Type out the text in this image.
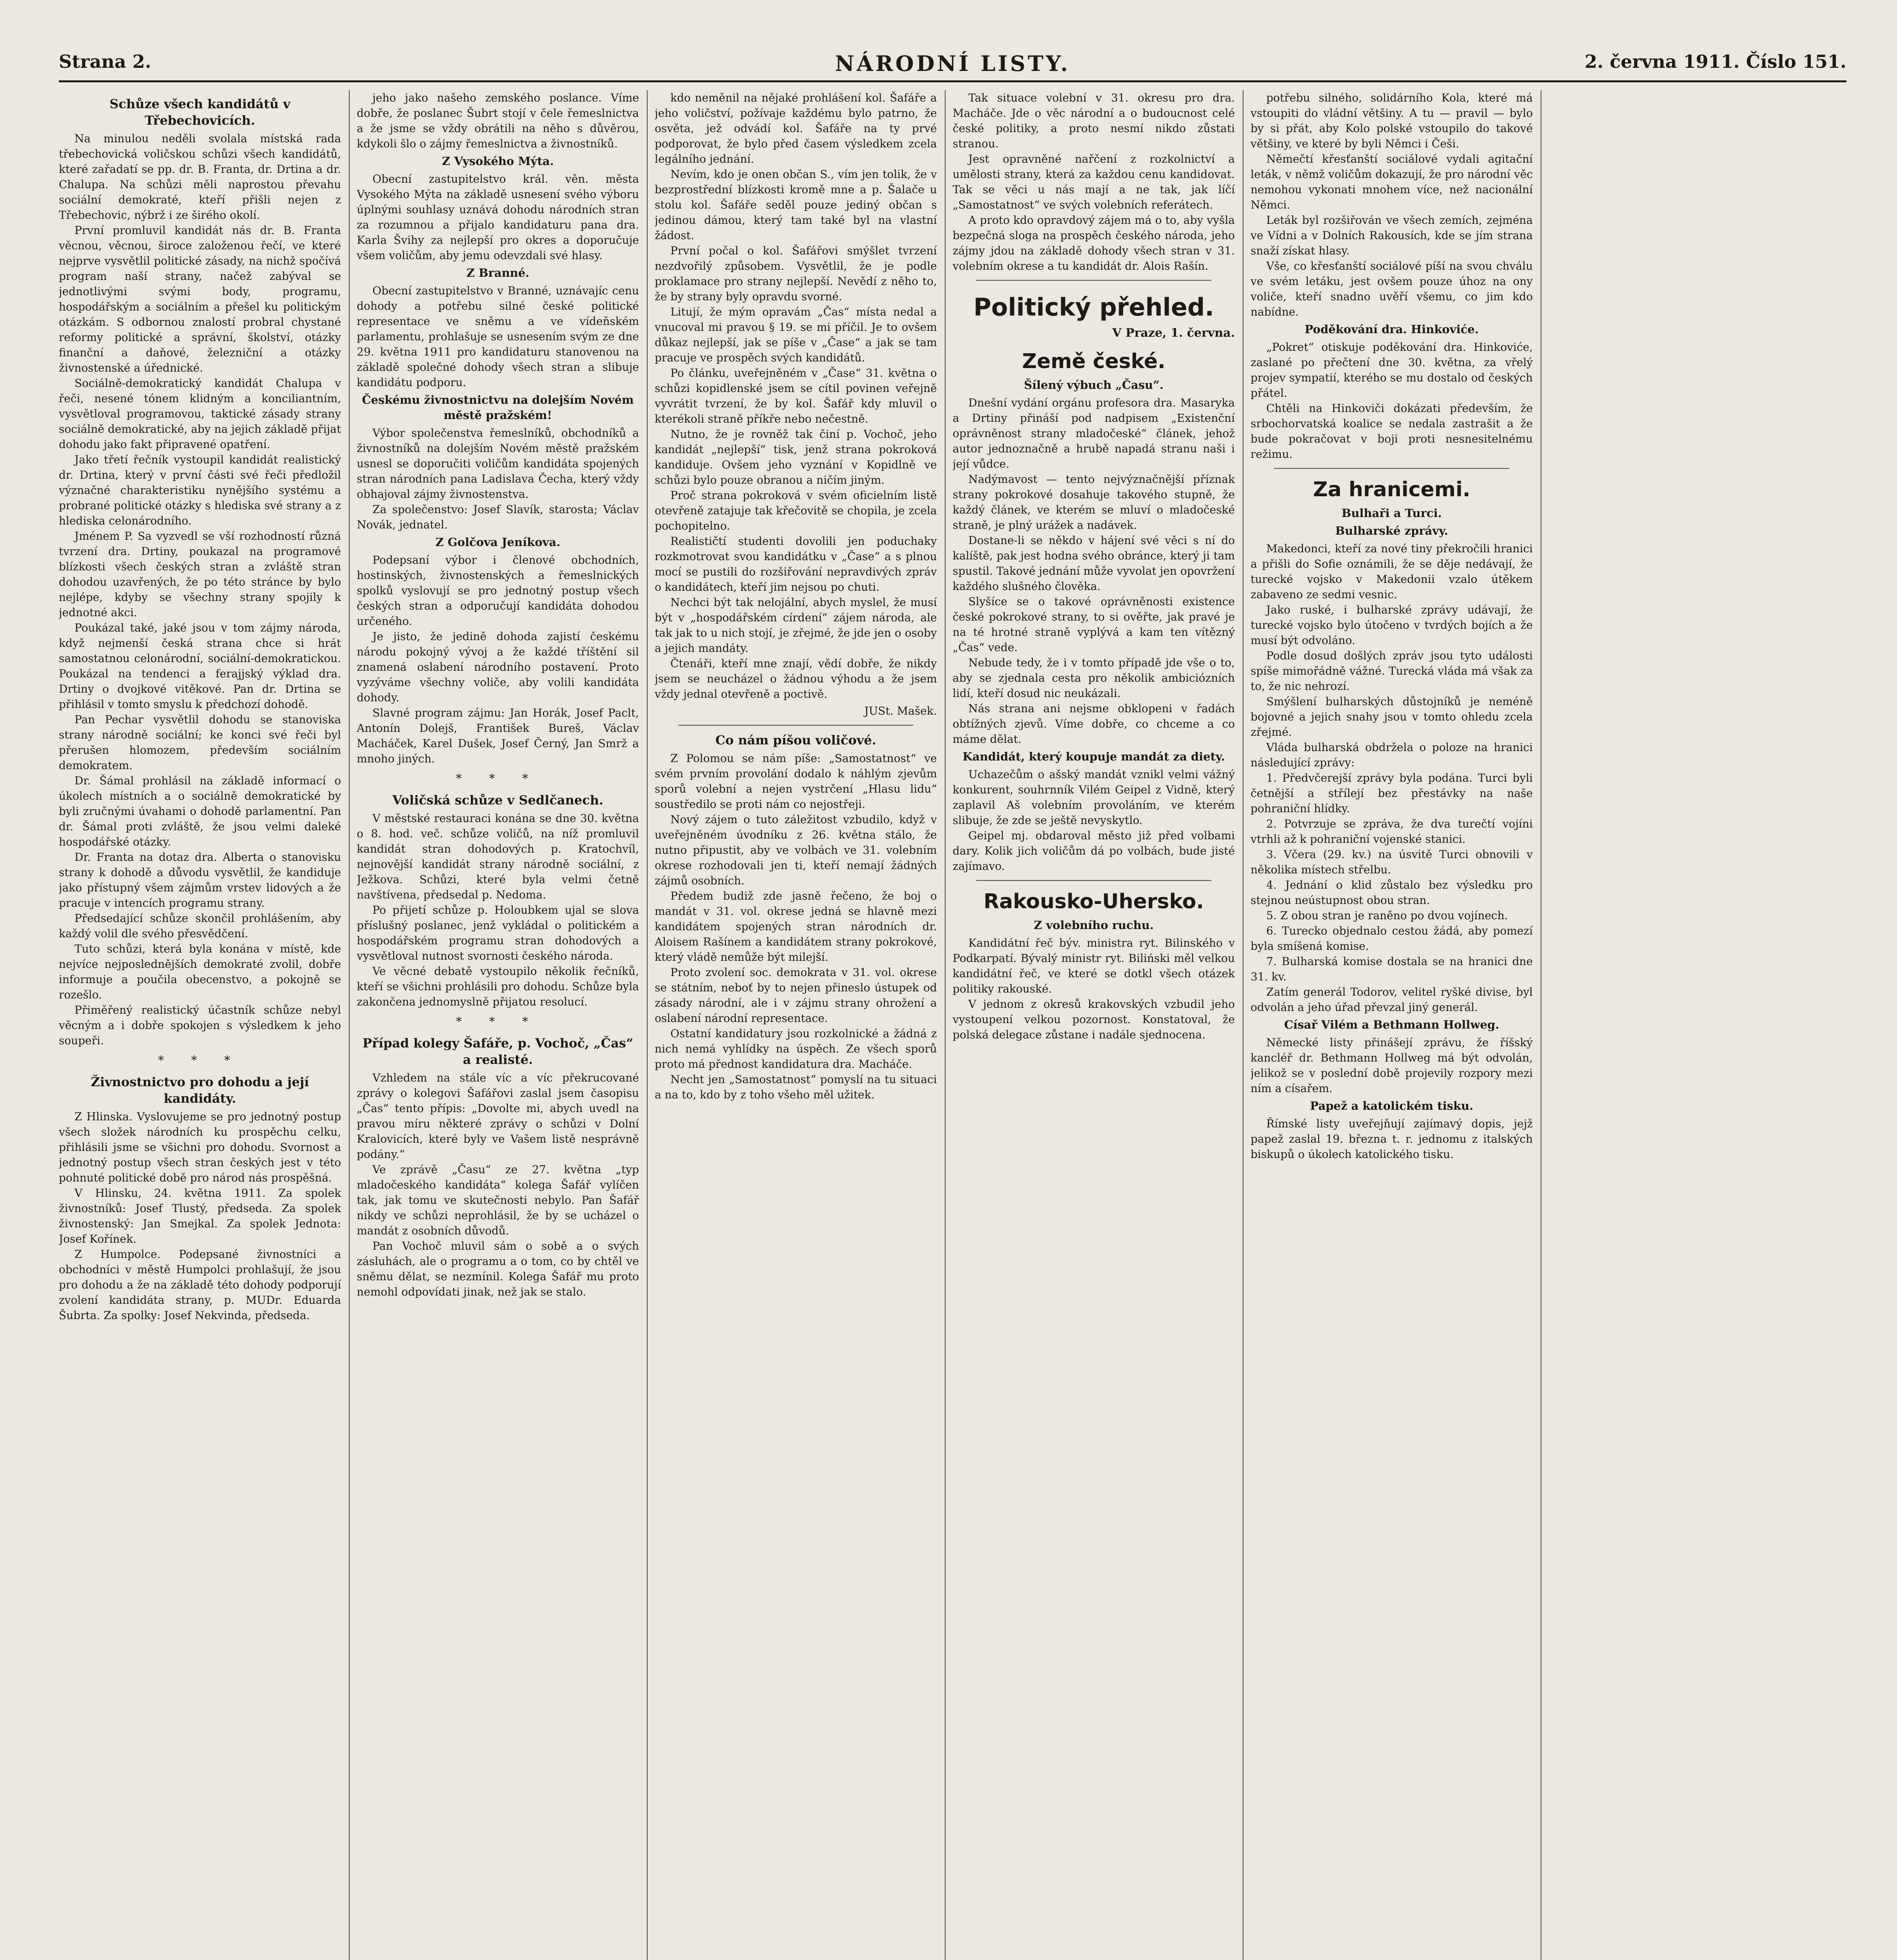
Strana 2.	NÁRODNÍ LISTY.	2. června 1911. Číslo 151.
Schůze všech kandidátů v Třebechovicích.

Na minulou neděli svolala místská rada třebechovická voličskou schůzi všech kandidátů, které zařadatí se pp. dr. B. Franta, dr. Drtina a dr. Chalupa. Na schůzi měli naprostou převahu sociální demokraté, kteří přišli nejen z Třebechovic, nýbrž i ze širého okolí.

První promluvil kandidát nás dr. B. Franta věcnou, věcnou, široce založenou řečí, ve které nejprve vysvětlil politické zásady, na nichž spočívá program naší strany, načež zabýval se jednotlivými svými body, programu, hospodářským a sociálním a přešel ku politickým otázkám. S odbornou znalostí probral chystané reformy politické a správní, školství, otázky finanční a daňové, železniční a otázky živnostenské a úřednické.

Sociálně-demokratický kandidát Chalupa v řeči, nesené tónem klidným a konciliantním, vysvětloval programovou, taktické zásady strany sociálně demokratické, aby na jejich základě přijat dohodu jako fakt připravené opatření.

Jako třetí řečník vystoupil kandidát realistický dr. Drtina, který v první části své řeči předložil význačné charakteristiku nynějšího systému a probrané politické otázky s hlediska své strany a z hlediska celonárodního.

Jménem P. Sa vyzvedl se vší rozhodností různá tvrzení dra. Drtiny, poukazal na programové blízkosti všech českých stran a zvláště stran dohodou uzavřených, že po této stránce by bylo nejlépe, kdyby se všechny strany spojily k jednotné akci.

Poukázal také, jaké jsou v tom zájmy národa, když nejmenší česká strana chce si hrát samostatnou celonárodní, sociální-demokratickou. Poukázal na tendenci a ferajjský výklad dra. Drtiny o dvojkové vitěkové. Pan dr. Drtina se přihlásil v tomto smyslu k předchozí dohodě.

Pan Pechar vysvětlil dohodu se stanoviska strany národně sociální; ke konci své řeči byl přerušen hlomozem, především sociálním demokratem.

Dr. Šámal prohlásil na základě informací o úkolech místních a o sociálně demokratické by byli zručnými úvahami o dohodě parlamentní. Pan dr. Šámal proti zvláště, že jsou velmi daleké hospodářské otázky.

Dr. Franta na dotaz dra. Alberta o stanovisku strany k dohodě a důvodu vysvětlil, že kandiduje jako přístupný všem zájmům vrstev lidových a že pracuje v intencích programu strany.

Předsedající schůze skončil prohlášením, aby každý volil dle svého přesvědčení.

Tuto schůzi, která byla konána v místě, kde nejvíce nejposlednějších demokraté zvolil, dobře informuje a poučila obecenstvo, a pokojně se rozešlo.

Přiměřený realistický účastník schůze nebyl věcným a i dobře spokojen s výsledkem k jeho soupeři.

* * *
Živnostnictvo pro dohodu a její kandidáty.

Z Hlinska. Vyslovujeme se pro jednotný postup všech složek národních ku prospěchu celku, přihlásili jsme se všichni pro dohodu. Svornost a jednotný postup všech stran českých jest v této pohnuté politické době pro národ nás prospěšná.

V Hlinsku, 24. května 1911. Za spolek živnostníků: Josef Tlustý, předseda. Za spolek živnostenský: Jan Smejkal. Za spolek Jednota: Josef Kořínek.

Z Humpolce. Podepsané živnostníci a obchodníci v městě Humpolci prohlašují, že jsou pro dohodu a že na základě této dohody podporují zvolení kandidáta strany, p. MUDr. Eduarda Šubrta. Za spolky: Josef Nekvinda, předseda.

jeho jako našeho zemského poslance. Víme dobře, že poslanec Šubrt stojí v čele řemeslnictva a že jsme se vždy obrátili na něho s důvěrou, kdykoli šlo o zájmy řemeslnictva a živnostníků.

Z Vysokého Mýta.

Obecní zastupitelstvo král. věn. města Vysokého Mýta na základě usnesení svého výboru úplnými souhlasy uznává dohodu národních stran za rozumnou a přijalo kandidaturu pana dra. Karla Švihy za nejlepší pro okres a doporučuje všem voličům, aby jemu odevzdali své hlasy.

Z Branné.

Obecní zastupitelstvo v Branné, uznávajíc cenu dohody a potřebu silné české politické representace ve sněmu a ve vídeňském parlamentu, prohlašuje se usnesením svým ze dne 29. května 1911 pro kandidaturu stanovenou na základě společné dohody všech stran a slibuje kandidátu podporu.

Českému živnostnictvu na dolejším Novém městě pražském!

Výbor společenstva řemeslníků, obchodníků a živnostníků na dolejším Novém městě pražském usnesl se doporučiti voličům kandidáta spojených stran národních pana Ladislava Čecha, který vždy obhajoval zájmy živnostenstva.

Za společenstvo: Josef Slavík, starosta; Václav Novák, jednatel.

Z Golčova Jeníkova.

Podepsaní výbor i členové obchodních, hostinských, živnostenských a řemeslnických spolků vyslovují se pro jednotný postup všech českých stran a odporučují kandidáta dohodou určeného.

Je jisto, že jedině dohoda zajistí českému národu pokojný vývoj a že každé tříštění sil znamená oslabení národního postavení. Proto vyzýváme všechny voliče, aby volili kandidáta dohody.

Slavné program zájmu: Jan Horák, Josef Paclt, Antonín Dolejš, František Bureš, Václav Macháček, Karel Dušek, Josef Černý, Jan Smrž a mnoho jiných.

* * *
Voličská schůze v Sedlčanech.

V městské restauraci konána se dne 30. května o 8. hod. več. schůze voličů, na níž promluvil kandidát stran dohodových p. Kratochvíl, nejnovější kandidát strany národně sociální, z Ježkova. Schůzi, které byla velmi četně navštívena, předsedal p. Nedoma.

Po přijetí schůze p. Holoubkem ujal se slova příslušný poslanec, jenž vykládal o politickém a hospodářském programu stran dohodových a vysvětloval nutnost svornosti českého národa.

Ve věcné debatě vystoupilo několik řečníků, kteří se všichni prohlásili pro dohodu. Schůze byla zakončena jednomyslně přijatou resolucí.

* * *
Případ kolegy Šafáře, p. Vochoč, „Čas“ a realisté.

Vzhledem na stále víc a víc překrucované zprávy o kolegovi Šafářovi zaslal jsem časopisu „Čas“ tento přípis: „Dovolte mi, abych uvedl na pravou míru některé zprávy o schůzi v Dolní Kralovicích, které byly ve Vašem listě nesprávně podány.“

Ve zprávě „Času“ ze 27. května „typ mladočeského kandidáta“ kolega Šafář vylíčen tak, jak tomu ve skutečnosti nebylo. Pan Šafář nikdy ve schůzi neprohlásil, že by se ucházel o mandát z osobních důvodů.

Pan Vochoč mluvil sám o sobě a o svých zásluhách, ale o programu a o tom, co by chtěl ve sněmu dělat, se nezmínil. Kolega Šafář mu proto nemohl odpovídati jinak, než jak se stalo.

kdo neměnil na nějaké prohlášení kol. Šafáře a jeho voličství, požívaje každému bylo patrno, že osvěta, jež odvádí kol. Šafáře na ty prvé podporovat, že bylo před časem výsledkem zcela legálního jednání.

Nevím, kdo je onen občan S., vím jen tolik, že v bezprostřední blízkosti kromě mne a p. Šalače u stolu kol. Šafáře seděl pouze jediný občan s jedinou dámou, který tam také byl na vlastní žádost.

První počal o kol. Šafářovi smýšlet tvrzení nezdvořilý způsobem. Vysvětlil, že je podle proklamace pro strany nejlepší. Nevědí z něho to, že by strany byly opravdu svorné.

Litují, že mým opravám „Čas“ místa nedal a vnucoval mi pravou § 19. se mi příčil. Je to ovšem důkaz nejlepší, jak se píše v „Čase“ a jak se tam pracuje ve prospěch svých kandidátů.

Po článku, uveřejněném v „Čase“ 31. května o schůzi kopidlenské jsem se cítil povinen veřejně vyvrátit tvrzení, že by kol. Šafář kdy mluvil o kterékoli straně příkře nebo nečestně.

Nutno, že je rovněž tak činí p. Vochoč, jeho kandidát „nejlepší“ tisk, jenž strana pokroková kandiduje. Ovšem jeho vyznání v Kopidlně ve schůzi bylo pouze obranou a ničím jiným.

Proč strana pokroková v svém oficielním listě otevřeně zatajuje tak křečovitě se chopila, je zcela pochopitelno.

Realističtí studenti dovolili jen poduchaky rozkmotrovat svou kandidátku v „Čase“ a s plnou mocí se pustili do rozšiřování nepravdivých zpráv o kandidátech, kteří jim nejsou po chuti.

Nechci být tak nelojální, abych myslel, že musí být v „hospodářském círdení“ zájem národa, ale tak jak to u nich stojí, je zřejmé, že jde jen o osoby a jejich mandáty.

Čtenáři, kteří mne znají, vědí dobře, že nikdy jsem se neucházel o žádnou výhodu a že jsem vždy jednal otevřeně a poctivě.

JUSt. Mašek.
Co nám píšou voličové.

Z Polomou se nám píše: „Samostatnost“ ve svém prvním provolání dodalo k náhlým zjevům sporů volební a nejen vystrčení „Hlasu lidu“ soustředilo se proti nám co nejostřeji.

Nový zájem o tuto záležitost vzbudilo, když v uveřejněném úvodníku z 26. května stálo, že nutno připustit, aby ve volbách ve 31. volebním okrese rozhodovali jen ti, kteří nemají žádných zájmů osobních.

Předem budiž zde jasně řečeno, že boj o mandát v 31. vol. okrese jedná se hlavně mezi kandidátem spojených stran národních dr. Aloisem Rašínem a kandidátem strany pokrokové, který vládě nemůže být milejší.

Proto zvolení soc. demokrata v 31. vol. okrese se státním, neboť by to nejen přineslo ústupek od zásady národní, ale i v zájmu strany ohrožení a oslabení národní representace.

Ostatní kandidatury jsou rozkolnické a žádná z nich nemá vyhlídky na úspěch. Ze všech sporů proto má přednost kandidatura dra. Macháče.

Necht jen „Samostatnost“ pomyslí na tu situaci a na to, kdo by z toho všeho měl užitek.

Tak situace volební v 31. okresu pro dra. Macháče. Jde o věc národní a o budoucnost celé české politiky, a proto nesmí nikdo zůstati stranou.

Jest opravněné nařčení z rozkolnictví a umělosti strany, která za každou cenu kandidovat. Tak se věci u nás mají a ne tak, jak líčí „Samostatnost“ ve svých volebních referátech.

A proto kdo opravdový zájem má o to, aby vyšla bezpečná sloga na prospěch českého národa, jeho zájmy jdou na základě dohody všech stran v 31. volebním okrese a tu kandidát dr. Alois Rašín.

Politický přehled.
V Praze, 1. června.
Země české.
Šílený výbuch „Času“.

Dnešní vydání orgánu profesora dra. Masaryka a Drtiny přináší pod nadpisem „Existenční oprávněnost strany mladočeské“ článek, jehož autor jednoznačně a hrubě napadá stranu naši i její vůdce.

Nadýmavost — tento nejvýznačnější příznak strany pokrokové dosahuje takového stupně, že každý článek, ve kterém se mluví o mladočeské straně, je plný urážek a nadávek.

Dostane-li se někdo v hájení své věci s ní do kalíště, pak jest hodna svého obránce, který ji tam spustil. Takové jednání může vyvolat jen opovržení každého slušného člověka.

Slyšíce se o takové oprávněnosti existence české pokrokové strany, to si ověřte, jak pravé je na té hrotné straně vyplývá a kam ten vítězný „Čas“ vede.

Nebude tedy, že i v tomto případě jde vše o to, aby se zjednala cesta pro několik ambiciózních lidí, kteří dosud nic neukázali.

Nás strana ani nejsme obklopeni v řadách obtížných zjevů. Víme dobře, co chceme a co máme dělat.

Kandidát, který koupuje mandát za diety.

Uchazečům o ašský mandát vznikl velmi vážný konkurent, souhrnník Vilém Geipel z Vidně, který zaplavil Aš volebním provoláním, ve kterém slibuje, že zde se ještě nevyskytlo.

Geipel mj. obdaroval město již před volbami dary. Kolik jich voličům dá po volbách, bude jisté zajímavo.

Rakousko-Uhersko.
Z volebního ruchu.

Kandidátní řeč býv. ministra ryt. Bilinského v Podkarpatí. Bývalý ministr ryt. Biliński měl velkou kandidátní řeč, ve které se dotkl všech otázek politiky rakouské.

V jednom z okresů krakovských vzbudil jeho vystoupení velkou pozornost. Konstatoval, že polská delegace zůstane i nadále sjednocena.

potřebu silného, solidárního Kola, které má vstoupiti do vládní většiny. A tu — pravil — bylo by si přát, aby Kolo polské vstoupilo do takové většiny, ve které by byli Němci i Češi.

Němečtí křesťanští sociálové vydali agitační leták, v němž voličům dokazují, že pro národní věc nemohou vykonati mnohem více, než nacionální Němci.

Leták byl rozšiřován ve všech zemích, zejména ve Vídni a v Dolních Rakousích, kde se jím strana snaží získat hlasy.

Vše, co křesťanští sociálové píší na svou chválu ve svém letáku, jest ovšem pouze úhoz na ony voliče, kteří snadno uvěří všemu, co jim kdo nabídne.

Poděkování dra. Hinkoviće.

„Pokret“ otiskuje poděkování dra. Hinkoviće, zaslané po přečtení dne 30. května, za vřelý projev sympatií, kterého se mu dostalo od českých přátel.

Chtěli na Hinkoviči dokázati především, že srbochorvatská koalice se nedala zastrašit a že bude pokračovat v boji proti nesnesitelnému režimu.

Za hranicemi.
Bulhaři a Turci.
Bulharské zprávy.

Makedonci, kteří za nové tiny překročili hranici a přišli do Sofie oznámili, že se děje nedávají, že turecké vojsko v Makedonii vzalo útěkem zabaveno ze sedmi vesnic.

Jako ruské, i bulharské zprávy udávají, že turecké vojsko bylo útočeno v tvrdých bojích a že musí být odvoláno.

Podle dosud došlých zpráv jsou tyto události spíše mimořádně vážné. Turecká vláda má však za to, že nic nehrozí.

Smýšlení bulharských důstojníků je neméně bojovné a jejich snahy jsou v tomto ohledu zcela zřejmé.

Vláda bulharská obdržela o poloze na hranici následující zprávy:

1. Předvčerejší zprávy byla podána. Turci byli četnější a střílejí bez přestávky na naše pohraniční hlídky.

2. Potvrzuje se zpráva, že dva turečtí vojíni vtrhli až k pohraniční vojenské stanici.

3. Včera (29. kv.) na úsvitě Turci obnovili v několika místech střelbu.

4. Jednání o klid zůstalo bez výsledku pro stejnou neústupnost obou stran.

5. Z obou stran je raněno po dvou vojínech.

6. Turecko objednalo cestou žádá, aby pomezí byla smíšená komise.

7. Bulharská komise dostala se na hranici dne 31. kv.

Zatím generál Todorov, velitel ryšké divise, byl odvolán a jeho úřad převzal jiný generál.

Císař Vilém a Bethmann Hollweg.

Německé listy přinášejí zprávu, že říšský kancléř dr. Bethmann Hollweg má být odvolán, jelikož se v poslední době projevily rozpory mezi ním a císařem.

Papež a katolickém tisku.

Římské listy uveřejňují zajímavý dopis, jejž papež zaslal 19. března t. r. jednomu z italských biskupů o úkolech katolického tisku.
